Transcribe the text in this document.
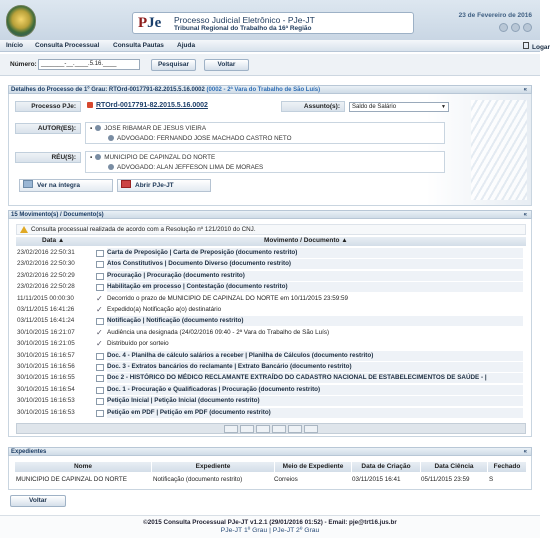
PJe Processo Judicial Eletrônico - PJe-JT
Tribunal Regional do Trabalho da 16ª Região
23 de Fevereiro de 2016
Início Consulta Processual Consulta Pautas Ajuda	Logar
Número: _______-__.____.5.16.____	Pesquisar	Voltar
Detalhes do Processo de 1º Grau: RTOrd-0017791-82.2015.5.16.0002 (0002 - 2ª Vara do Trabalho de São Luís)	«
Processo PJe:	RTOrd-0017791-82.2015.5.16.0002	Assunto(s):	Saldo de Salário	▼
AUTOR(ES):	▪ JOSE RIBAMAR DE JESUS VIEIRA
ADVOGADO: FERNANDO JOSE MACHADO CASTRO NETO
RÉU(S):	▪ MUNICIPIO DE CAPINZAL DO NORTE
ADVOGADO: ALAN JEFFESON LIMA DE MORAES
Ver na íntegra	Abrir PJe-JT
15 Movimento(s) / Documento(s)	«
Consulta processual realizada de acordo com a Resolução nº 121/2010 do CNJ.
Data ▲	Movimento / Documento ▲
23/02/2016 22:50:31	Carta de Preposição | Carta de Preposição (documento restrito)
23/02/2016 22:50:30	Atos Constitutivos | Documento Diverso (documento restrito)
23/02/2016 22:50:29	Procuração | Procuração (documento restrito)
23/02/2016 22:50:28	Habilitação em processo | Contestação (documento restrito)
11/11/2015 00:00:30	✓ Decorrido o prazo de MUNICIPIO DE CAPINZAL DO NORTE em 10/11/2015 23:59:59
03/11/2015 16:41:26	✓ Expedido(a) Notificação a(o) destinatário
03/11/2015 16:41:24	Notificação | Notificação (documento restrito)
30/10/2015 16:21:07	✓ Audiência una designada (24/02/2016 09:40 - 2ª Vara do Trabalho de São Luís)
30/10/2015 16:21:05	✓ Distribuído por sorteio
30/10/2015 16:16:57	Doc. 4 - Planilha de cálculo salários a receber | Planilha de Cálculos (documento restrito)
30/10/2015 16:16:56	Doc. 3 - Extratos bancários do reclamante | Extrato Bancário (documento restrito)
30/10/2015 16:16:55	Doc 2 - HISTÓRICO DO MÉDICO RECLAMANTE EXTRAÍDO DO CADASTRO NACIONAL DE ESTABELECIMENTOS DE SAÚDE - |
30/10/2015 16:16:54	Doc. 1 - Procuração e Qualificadoras | Procuração (documento restrito)
30/10/2015 16:16:53	Petição Inicial | Petição Inicial (documento restrito)
30/10/2015 16:16:53	Petição em PDF | Petição em PDF (documento restrito)
Expedientes	«
Nome	Expediente	Meio de Expediente	Data de Criação	Data Ciência	Fechado
MUNICIPIO DE CAPINZAL DO NORTE	Notificação (documento restrito)	Correios	03/11/2015 16:41	05/11/2015 23:59	S
Voltar
©2015 Consulta Processual PJe-JT v1.2.1 (29/01/2016 01:52) - Email: pje@trt16.jus.br
PJe-JT 1º Grau | PJe-JT 2º Grau
